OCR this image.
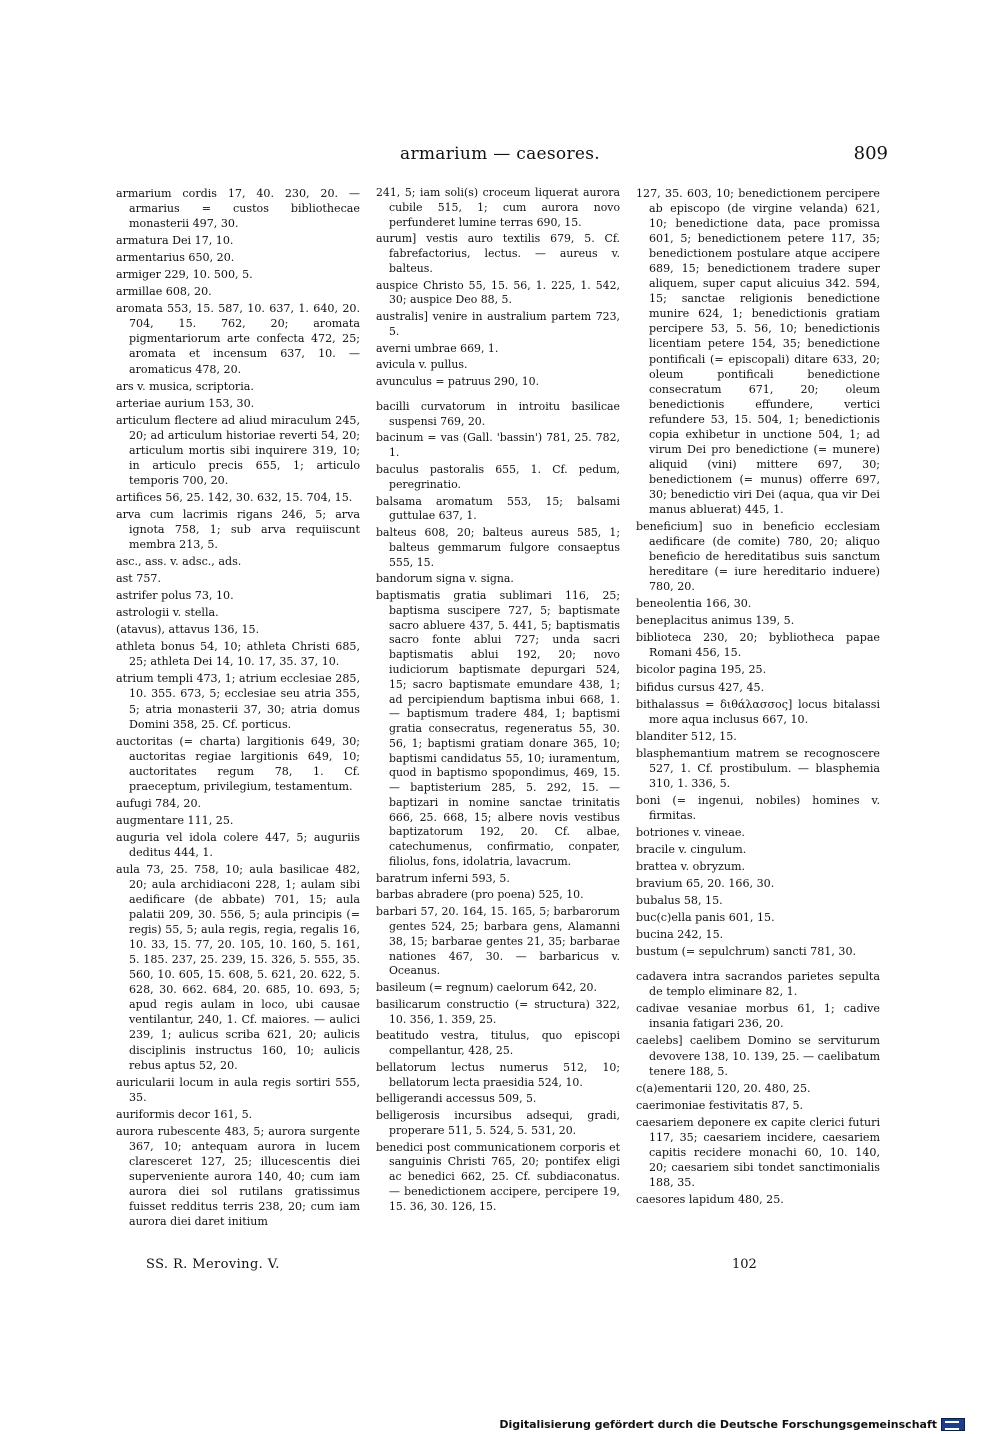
armarium — caesores.	809

armarium cordis 17, 40. 230, 20. — armarius = custos bibliothecae monasterii 497, 30.

armatura Dei 17, 10.

armentarius 650, 20.

armiger 229, 10. 500, 5.

armillae 608, 20.

aromata 553, 15. 587, 10. 637, 1. 640, 20. 704, 15. 762, 20; aromata pigmentariorum arte confecta 472, 25; aromata et incensum 637, 10. — aromaticus 478, 20.

ars v. musica, scriptoria.

arteriae aurium 153, 30.

articulum flectere ad aliud miraculum 245, 20; ad articulum historiae reverti 54, 20; articulum mortis sibi inquirere 319, 10; in articulo precis 655, 1; articulo temporis 700, 20.

artifices 56, 25. 142, 30. 632, 15. 704, 15.

arva cum lacrimis rigans 246, 5; arva ignota 758, 1; sub arva requiiscunt membra 213, 5.

asc., ass. v. adsc., ads.

ast 757.

astrifer polus 73, 10.

astrologii v. stella.

(atavus), attavus 136, 15.

athleta bonus 54, 10; athleta Christi 685, 25; athleta Dei 14, 10. 17, 35. 37, 10.

atrium templi 473, 1; atrium ecclesiae 285, 10. 355. 673, 5; ecclesiae seu atria 355, 5; atria monasterii 37, 30; atria domus Domini 358, 25. Cf. porticus.

auctoritas (= charta) largitionis 649, 30; auctoritas regiae largitionis 649, 10; auctoritates regum 78, 1. Cf. praeceptum, privilegium, testamentum.

aufugi 784, 20.

augmentare 111, 25.

auguria vel idola colere 447, 5; auguriis deditus 444, 1.

aula 73, 25. 758, 10; aula basilicae 482, 20; aula archidiaconi 228, 1; aulam sibi aedificare (de abbate) 701, 15; aula palatii 209, 30. 556, 5; aula principis (= regis) 55, 5; aula regis, regia, regalis 16, 10. 33, 15. 77, 20. 105, 10. 160, 5. 161, 5. 185. 237, 25. 239, 15. 326, 5. 555, 35. 560, 10. 605, 15. 608, 5. 621, 20. 622, 5. 628, 30. 662. 684, 20. 685, 10. 693, 5; apud regis aulam in loco, ubi causae ventilantur, 240, 1. Cf. maiores. — aulici 239, 1; aulicus scriba 621, 20; aulicis disciplinis instructus 160, 10; aulicis rebus aptus 52, 20.

auricularii locum in aula regis sortiri 555, 35.

auriformis decor 161, 5.

aurora rubescente 483, 5; aurora surgente 367, 10; antequam aurora in lucem claresceret 127, 25; illucescentis diei superveniente aurora 140, 40; cum iam aurora diei sol rutilans gratissimus fuisset redditus terris 238, 20; cum iam aurora diei daret initium

241, 5; iam soli(s) croceum liquerat aurora cubile 515, 1; cum aurora novo perfunderet lumine terras 690, 15.

aurum] vestis auro textilis 679, 5. Cf. fabrefactorius, lectus. — aureus v. balteus.

auspice Christo 55, 15. 56, 1. 225, 1. 542, 30; auspice Deo 88, 5.

australis] venire in australium partem 723, 5.

averni umbrae 669, 1.

avicula v. pullus.

avunculus = patruus 290, 10.

bacilli curvatorum in introitu basilicae suspensi 769, 20.

bacinum = vas (Gall. 'bassin') 781, 25. 782, 1.

baculus pastoralis 655, 1. Cf. pedum, peregrinatio.

balsama aromatum 553, 15; balsami guttulae 637, 1.

balteus 608, 20; balteus aureus 585, 1; balteus gemmarum fulgore consaeptus 555, 15.

bandorum signa v. signa.

baptismatis gratia sublimari 116, 25; baptisma suscipere 727, 5; baptismate sacro abluere 437, 5. 441, 5; baptismatis sacro fonte ablui 727; unda sacri baptismatis ablui 192, 20; novo iudiciorum baptismate depurgari 524, 15; sacro baptismate emundare 438, 1; ad percipiendum baptisma inbui 668, 1. — baptismum tradere 484, 1; baptismi gratia consecratus, regeneratus 55, 30. 56, 1; baptismi gratiam donare 365, 10; baptismi candidatus 55, 10; iuramentum, quod in baptismo spopondimus, 469, 15. — baptisterium 285, 5. 292, 15. — baptizari in nomine sanctae trinitatis 666, 25. 668, 15; albere novis vestibus baptizatorum 192, 20. Cf. albae, catechumenus, confirmatio, conpater, filiolus, fons, idolatria, lavacrum.

baratrum inferni 593, 5.

barbas abradere (pro poena) 525, 10.

barbari 57, 20. 164, 15. 165, 5; barbarorum gentes 524, 25; barbara gens, Alamanni 38, 15; barbarae gentes 21, 35; barbarae nationes 467, 30. — barbaricus v. Oceanus.

basileum (= regnum) caelorum 642, 20.

basilicarum constructio (= structura) 322, 10. 356, 1. 359, 25.

beatitudo vestra, titulus, quo episcopi compellantur, 428, 25.

bellatorum lectus numerus 512, 10; bellatorum lecta praesidia 524, 10.

belligerandi accessus 509, 5.

belligerosis incursibus adsequi, gradi, properare 511, 5. 524, 5. 531, 20.

benedici post communicationem corporis et sanguinis Christi 765, 20; pontifex eligi ac benedici 662, 25. Cf. subdiaconatus. — benedictionem accipere, percipere 19, 15. 36, 30. 126, 15.

127, 35. 603, 10; benedictionem percipere ab episcopo (de virgine velanda) 621, 10; benedictione data, pace promissa 601, 5; benedictionem petere 117, 35; benedictionem postulare atque accipere 689, 15; benedictionem tradere super aliquem, super caput alicuius 342. 594, 15; sanctae religionis benedictione munire 624, 1; benedictionis gratiam percipere 53, 5. 56, 10; benedictionis licentiam petere 154, 35; benedictione pontificali (= episcopali) ditare 633, 20; oleum pontificali benedictione consecratum 671, 20; oleum benedictionis effundere, vertici refundere 53, 15. 504, 1; benedictionis copia exhibetur in unctione 504, 1; ad virum Dei pro benedictione (= munere) aliquid (vini) mittere 697, 30; benedictionem (= munus) offerre 697, 30; benedictio viri Dei (aqua, qua vir Dei manus abluerat) 445, 1.

beneficium] suo in beneficio ecclesiam aedificare (de comite) 780, 20; aliquo beneficio de hereditatibus suis sanctum hereditare (= iure hereditario induere) 780, 20.

beneolentia 166, 30.

beneplacitus animus 139, 5.

biblioteca 230, 20; bybliotheca papae Romani 456, 15.

bicolor pagina 195, 25.

bifidus cursus 427, 45.

bithalassus = διθάλασσος] locus bitalassi more aqua inclusus 667, 10.

blanditer 512, 15.

blasphemantium matrem se recognoscere 527, 1. Cf. prostibulum. — blasphemia 310, 1. 336, 5.

boni (= ingenui, nobiles) homines v. firmitas.

botriones v. vineae.

bracile v. cingulum.

brattea v. obryzum.

bravium 65, 20. 166, 30.

bubalus 58, 15.

buc(c)ella panis 601, 15.

bucina 242, 15.

bustum (= sepulchrum) sancti 781, 30.

cadavera intra sacrandos parietes sepulta de templo eliminare 82, 1.

cadivae vesaniae morbus 61, 1; cadive insania fatigari 236, 20.

caelebs] caelibem Domino se serviturum devovere 138, 10. 139, 25. — caelibatum tenere 188, 5.

c(a)ementarii 120, 20. 480, 25.

caerimoniae festivitatis 87, 5.

caesariem deponere ex capite clerici futuri 117, 35; caesariem incidere, caesariem capitis recidere monachi 60, 10. 140, 20; caesariem sibi tondet sanctimonialis 188, 35.

caesores lapidum 480, 25.

SS. R. Meroving. V.	102
Digitalisierung gefördert durch die Deutsche Forschungsgemeinschaft
